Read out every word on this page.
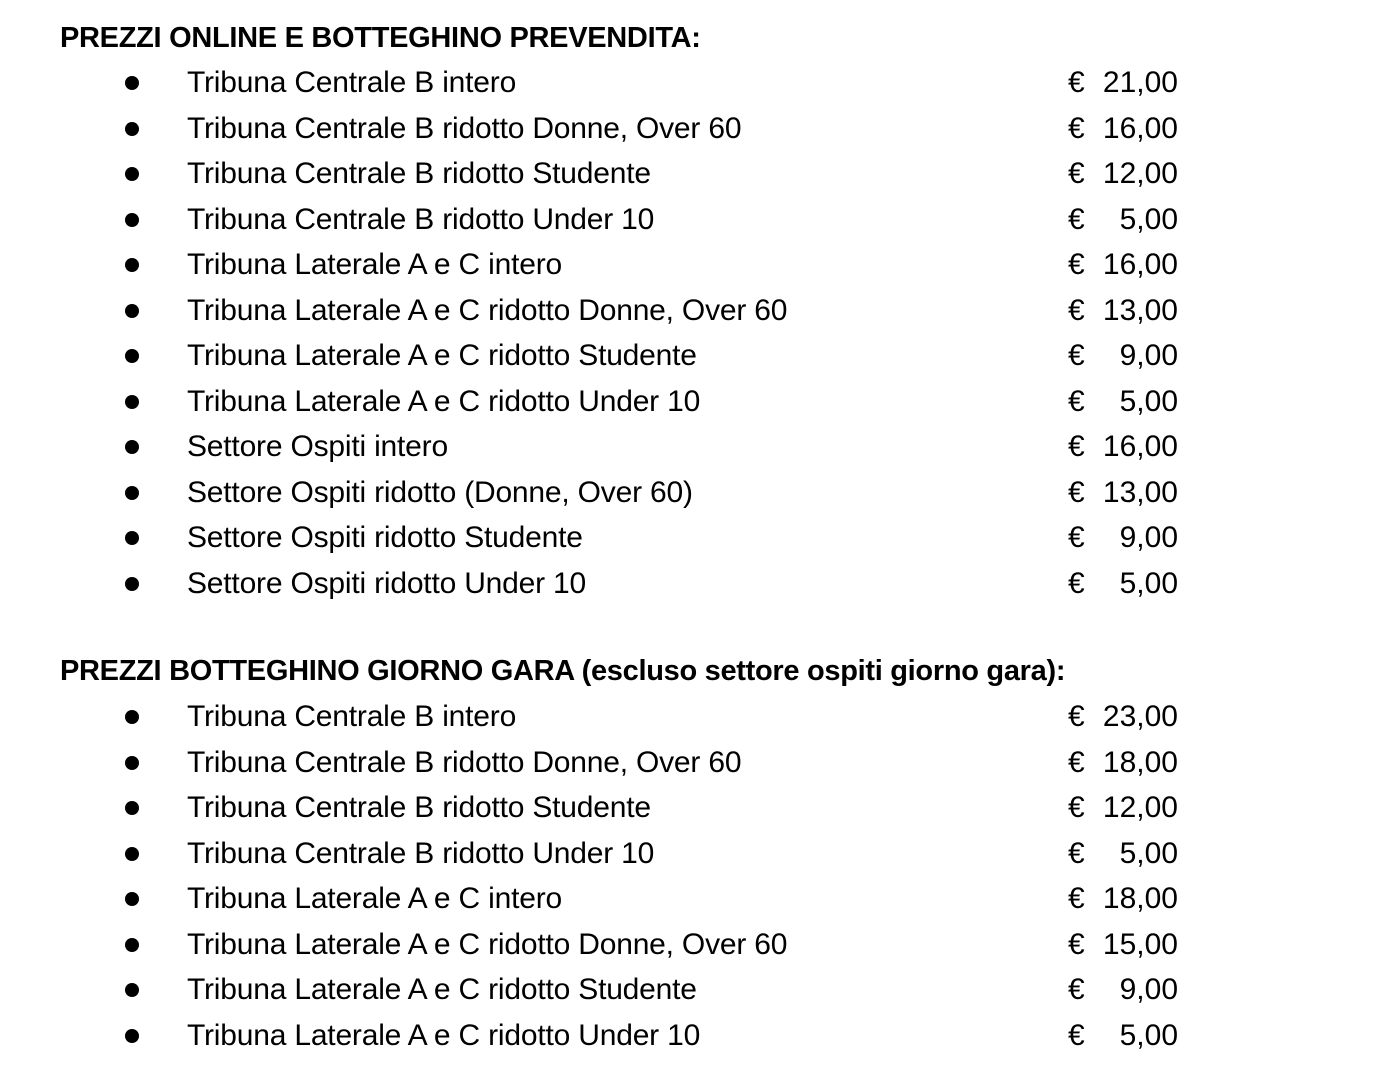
PREZZI ONLINE E BOTTEGHINO PREVENDITA:
Tribuna Centrale B intero	€ 21,00
Tribuna Centrale B ridotto Donne, Over 60	€ 16,00
Tribuna Centrale B ridotto Studente	€ 12,00
Tribuna Centrale B ridotto Under 10	€ 5,00
Tribuna Laterale A e C intero	€ 16,00
Tribuna Laterale A e C ridotto Donne, Over 60	€ 13,00
Tribuna Laterale A e C ridotto Studente	€ 9,00
Tribuna Laterale A e C ridotto Under 10	€ 5,00
Settore Ospiti intero	€ 16,00
Settore Ospiti ridotto (Donne, Over 60)	€ 13,00
Settore Ospiti ridotto Studente	€ 9,00
Settore Ospiti ridotto Under 10	€ 5,00
PREZZI BOTTEGHINO GIORNO GARA (escluso settore ospiti giorno gara):
Tribuna Centrale B intero	€ 23,00
Tribuna Centrale B ridotto Donne, Over 60	€ 18,00
Tribuna Centrale B ridotto Studente	€ 12,00
Tribuna Centrale B ridotto Under 10	€ 5,00
Tribuna Laterale A e C intero	€ 18,00
Tribuna Laterale A e C ridotto Donne, Over 60	€ 15,00
Tribuna Laterale A e C ridotto Studente	€ 9,00
Tribuna Laterale A e C ridotto Under 10	€ 5,00
